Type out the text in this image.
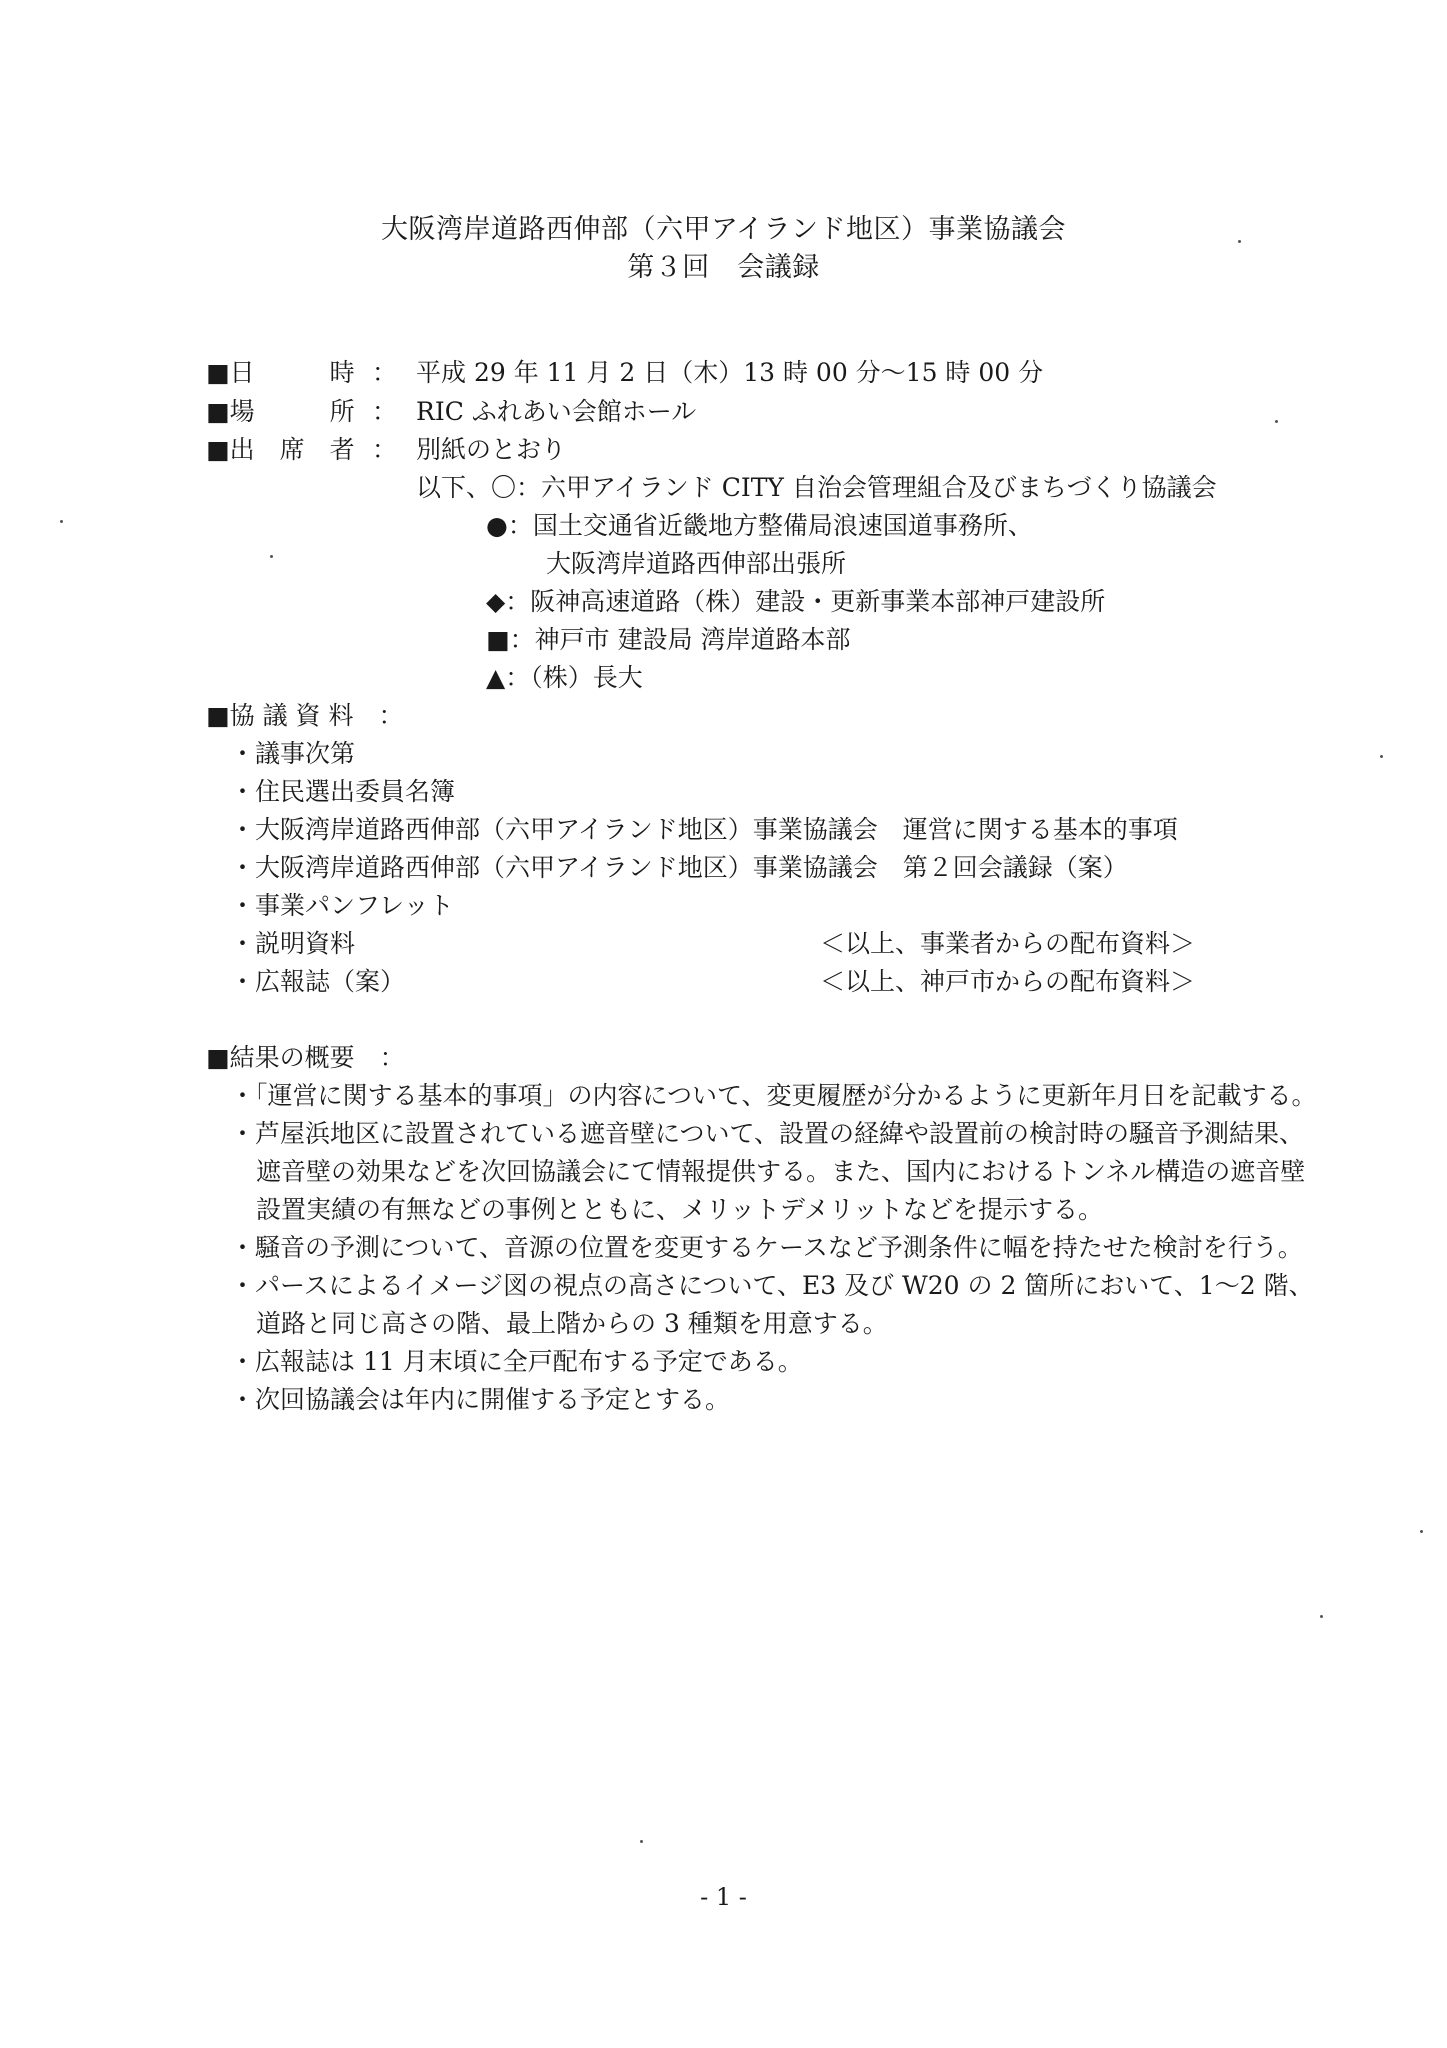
大阪湾岸道路西伸部（六甲アイランド地区）事業協議会
第３回　会議録
■日　　　時 ： 平成 29 年 11 月 2 日（木）13 時 00 分～15 時 00 分
■場　　　所 ： RIC ふれあい会館ホール
■出　席　者 ： 別紙のとおり
以下、〇：六甲アイランド CITY 自治会管理組合及びまちづくり協議会
●：国土交通省近畿地方整備局浪速国道事務所、
大阪湾岸道路西伸部出張所
◆：阪神高速道路（株）建設・更新事業本部神戸建設所
■：神戸市 建設局 湾岸道路本部
▲：（株）長大
■協 議 資 料　：
・議事次第
・住民選出委員名簿
・大阪湾岸道路西伸部（六甲アイランド地区）事業協議会　運営に関する基本的事項
・大阪湾岸道路西伸部（六甲アイランド地区）事業協議会　第２回会議録（案）
・事業パンフレット
・説明資料	＜以上、事業者からの配布資料＞
・広報誌（案）	＜以上、神戸市からの配布資料＞
■結果の概要　：
・「運営に関する基本的事項」の内容について、変更履歴が分かるように更新年月日を記載する。
・芦屋浜地区に設置されている遮音壁について、設置の経緯や設置前の検討時の騒音予測結果、
遮音壁の効果などを次回協議会にて情報提供する。また、国内におけるトンネル構造の遮音壁
設置実績の有無などの事例とともに、メリットデメリットなどを提示する。
・騒音の予測について、音源の位置を変更するケースなど予測条件に幅を持たせた検討を行う。
・パースによるイメージ図の視点の高さについて、E3 及び W20 の 2 箇所において、1～2 階、
道路と同じ高さの階、最上階からの 3 種類を用意する。
・広報誌は 11 月末頃に全戸配布する予定である。
・次回協議会は年内に開催する予定とする。
- 1 -
